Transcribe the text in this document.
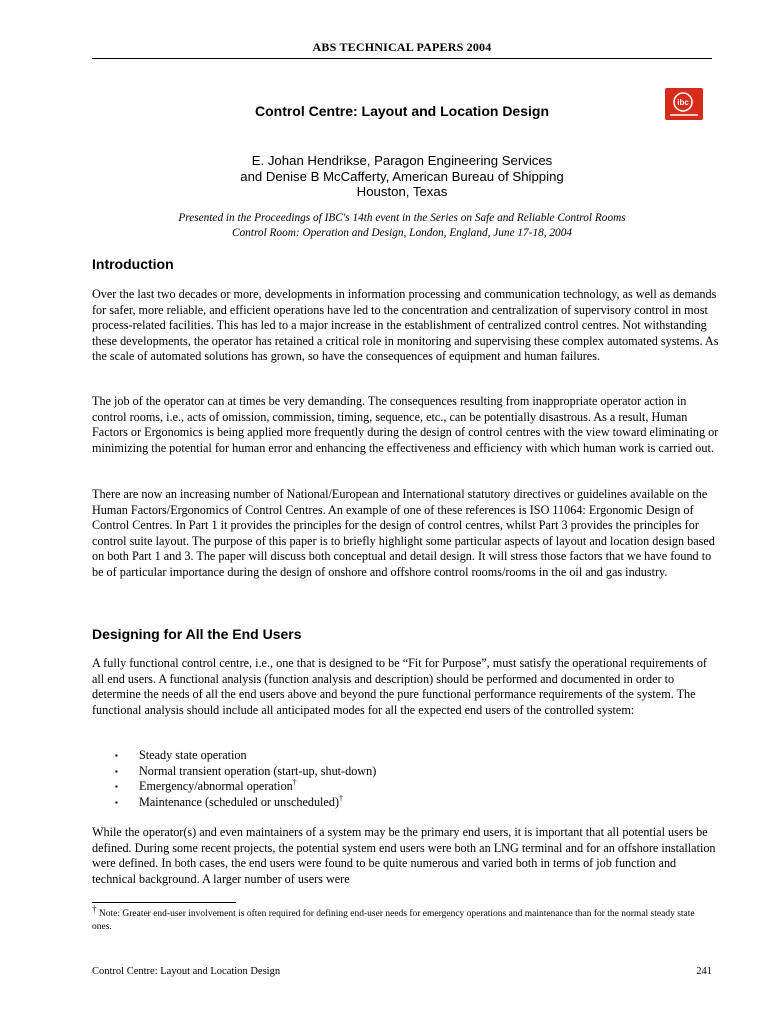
ABS TECHNICAL PAPERS 2004
ibc
Control Centre: Layout and Location Design
E. Johan Hendrikse, Paragon Engineering Services
and Denise B McCafferty, American Bureau of Shipping
Houston, Texas
Presented in the Proceedings of IBC's 14th event in the Series on Safe and Reliable Control Rooms
Control Room: Operation and Design, London, England, June 17-18, 2004
Introduction

Over the last two decades or more, developments in information processing and communication technology, as well as demands for safer, more reliable, and efficient operations have led to the concentration and centralization of supervisory control in most process-related facilities. This has led to a major increase in the establishment of centralized control centres. Not withstanding these developments, the operator has retained a critical role in monitoring and supervising these complex automated systems. As the scale of automated solutions has grown, so have the consequences of equipment and human failures.

The job of the operator can at times be very demanding. The consequences resulting from inappropriate operator action in control rooms, i.e., acts of omission, commission, timing, sequence, etc., can be potentially disastrous. As a result, Human Factors or Ergonomics is being applied more frequently during the design of control centres with the view toward eliminating or minimizing the potential for human error and enhancing the effectiveness and efficiency with which human work is carried out.

There are now an increasing number of National/European and International statutory directives or guidelines available on the Human Factors/Ergonomics of Control Centres. An example of one of these references is ISO 11064: Ergonomic Design of Control Centres. In Part 1 it provides the principles for the design of control centres, whilst Part 3 provides the principles for control suite layout. The purpose of this paper is to briefly highlight some particular aspects of layout and location design based on both Part 1 and 3. The paper will discuss both conceptual and detail design. It will stress those factors that we have found to be of particular importance during the design of onshore and offshore control rooms/rooms in the oil and gas industry.

Designing for All the End Users

A fully functional control centre, i.e., one that is designed to be “Fit for Purpose”, must satisfy the operational requirements of all end users. A functional analysis (function analysis and description) should be performed and documented in order to determine the needs of all the end users above and beyond the pure functional performance requirements of the system. The functional analysis should include all anticipated modes for all the expected end users of the controlled system:

▪ Steady state operation
▪ Normal transient operation (start-up, shut-down)
▪ Emergency/abnormal operation†
▪ Maintenance (scheduled or unscheduled)†

While the operator(s) and even maintainers of a system may be the primary end users, it is important that all potential users be defined. During some recent projects, the potential system end users were both an LNG terminal and for an offshore installation were defined. In both cases, the end users were found to be quite numerous and varied both in terms of job function and technical background. A larger number of users were

† Note: Greater end-user involvement is often required for defining end-user needs for emergency operations and maintenance than for the normal steady state ones.

Control Centre: Layout and Location Design	241
